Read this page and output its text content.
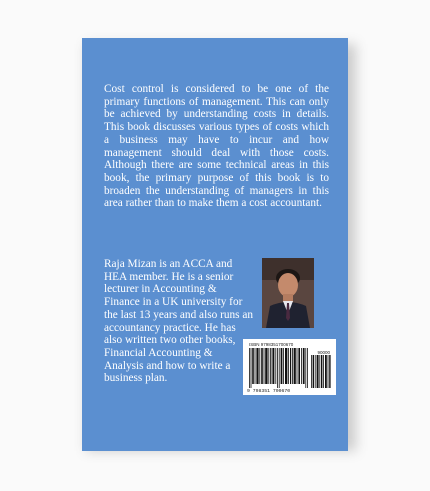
Cost control is considered to be one of the primary functions of management. This can only be achieved by understanding costs in details. This book discusses various types of costs which a business may have to incur and how management should deal with those costs. Although there are some technical areas in this book, the primary purpose of this book is to broaden the understanding of managers in this area rather than to make them a cost accountant.

Raja Mizan is an ACCA and HEA member. He is a senior lecturer in Accounting & Finance in a UK university for the last 13 years and also runs an accountancy practice. He has also written two other books, Financial Accounting & Analysis and how to write a business plan.

ISBN 9798351700670
90000
9 798351 700670
